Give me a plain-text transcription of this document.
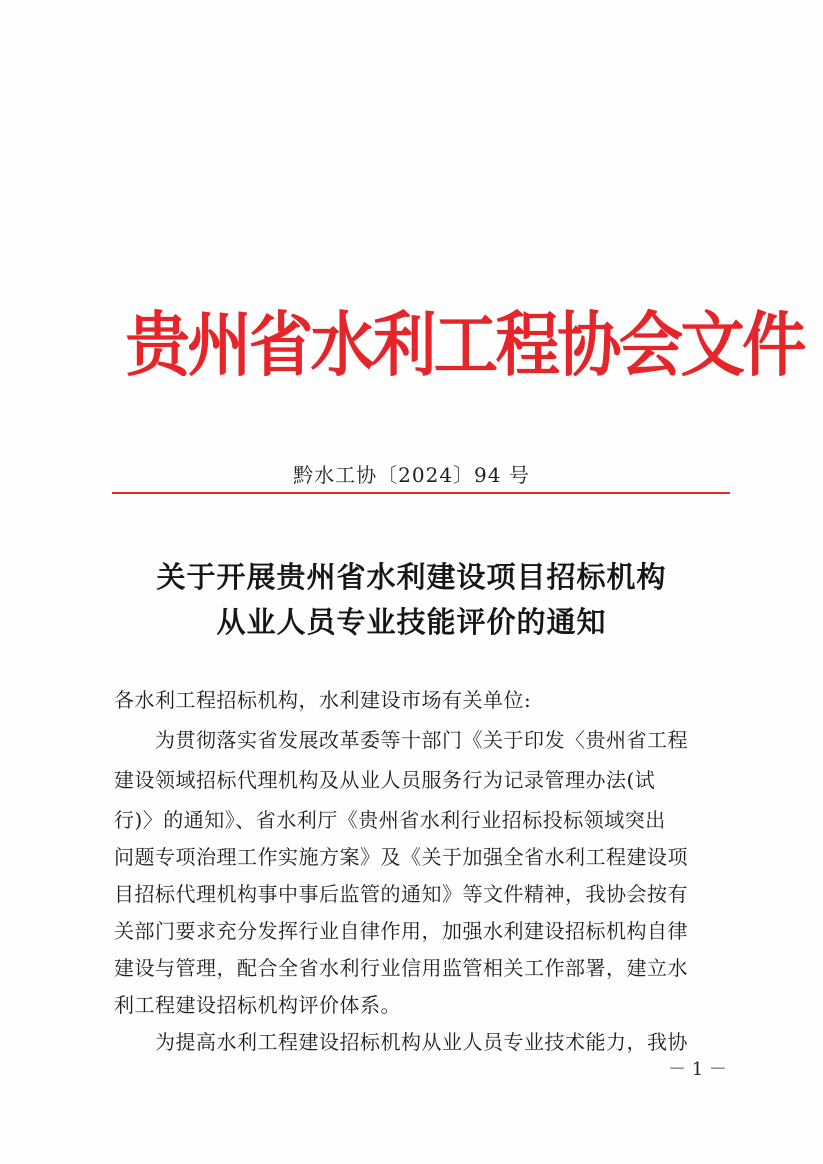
贵州省水利工程协会文件
黔水工协〔2024〕94 号
关于开展贵州省水利建设项目招标机构
从业人员专业技能评价的通知
各水利工程招标机构，水利建设市场有关单位:
　　为贯彻落实省发展改革委等十部门《关于印发〈贵州省工程
建设领域招标代理机构及从业人员服务行为记录管理办法(试
行)〉的通知》、省水利厅《贵州省水利行业招标投标领域突出
问题专项治理工作实施方案》及《关于加强全省水利工程建设项
目招标代理机构事中事后监管的通知》等文件精神，我协会按有
关部门要求充分发挥行业自律作用，加强水利建设招标机构自律
建设与管理，配合全省水利行业信用监管相关工作部署，建立水
利工程建设招标机构评价体系。
　　为提高水利工程建设招标机构从业人员专业技术能力，我协
－ 1 －
